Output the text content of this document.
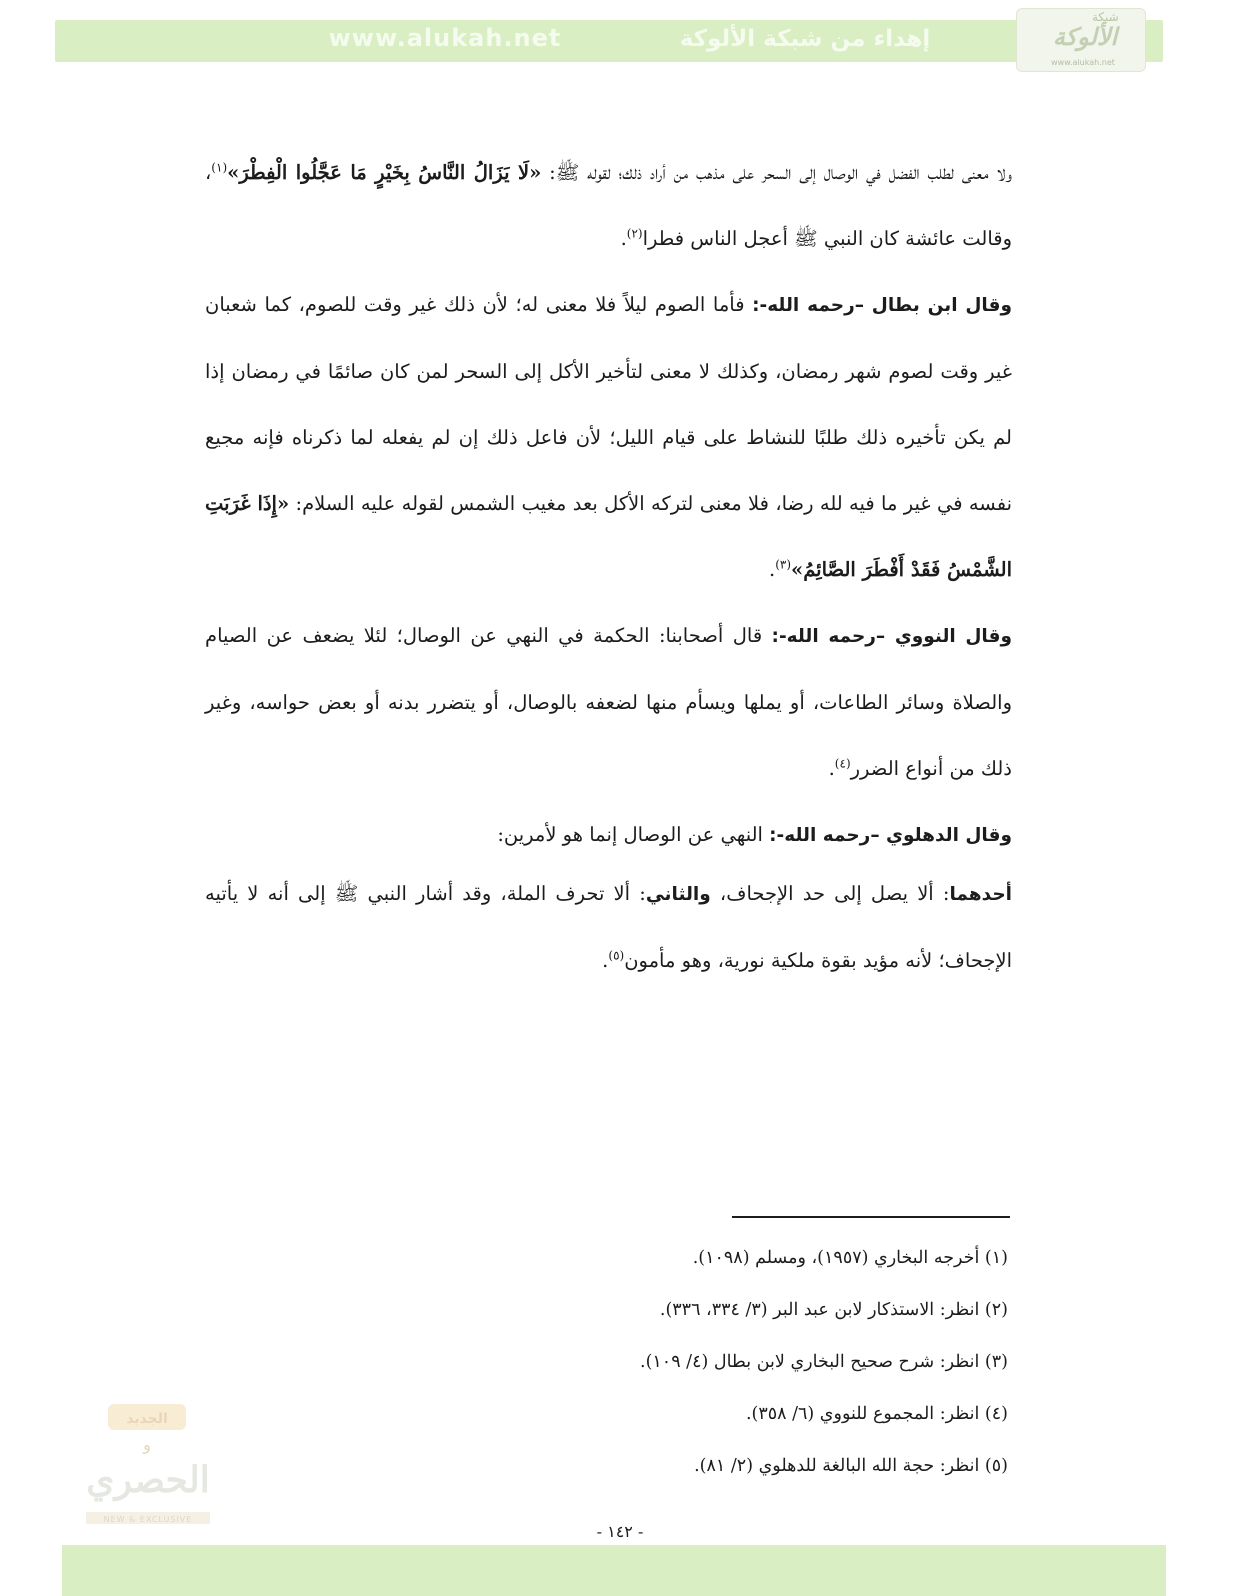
www.alukah.net	إهداء من شبكة الألوكة
شبكة
الألوكة
www.alukah.net

ولا معنى لطلب الفضل في الوصال إلى السحر على مذهب من أراد ذلك؛ لقوله ﷺ: «لَا يَزَالُ النَّاسُ بِخَيْرٍ مَا عَجَّلُوا الْفِطْرَ»$^{(١)}$، وقالت عائشة كان النبي ﷺ أعجل الناس فطرا$^{(٢)}$.

وقال ابن بطال –رحمه الله-: فأما الصوم ليلاً فلا معنى له؛ لأن ذلك غير وقت للصوم، كما شعبان غير وقت لصوم شهر رمضان، وكذلك لا معنى لتأخير الأكل إلى السحر لمن كان صائمًا في رمضان إذا لم يكن تأخيره ذلك طلبًا للنشاط على قيام الليل؛ لأن فاعل ذلك إن لم يفعله لما ذكرناه فإنه مجيع نفسه في غير ما فيه لله رضا، فلا معنى لتركه الأكل بعد مغيب الشمس لقوله عليه السلام: «إِذَا غَرَبَتِ الشَّمْسُ فَقَدْ أَفْطَرَ الصَّائِمُ»$^{(٣)}$.

وقال النووي –رحمه الله-: قال أصحابنا: الحكمة في النهي عن الوصال؛ لئلا يضعف عن الصيام والصلاة وسائر الطاعات، أو يملها ويسأم منها لضعفه بالوصال، أو يتضرر بدنه أو بعض حواسه، وغير ذلك من أنواع الضرر$^{(٤)}$.

وقال الدهلوي –رحمه الله-: النهي عن الوصال إنما هو لأمرين:

أحدهما: ألا يصل إلى حد الإجحاف، والثاني: ألا تحرف الملة، وقد أشار النبي ﷺ إلى أنه لا يأتيه الإجحاف؛ لأنه مؤيد بقوة ملكية نورية، وهو مأمون$^{(٥)}$.

(١) أخرجه البخاري (١٩٥٧)، ومسلم (١٠٩٨).
(٢) انظر: الاستذكار لابن عبد البر (٣/ ٣٣٤، ٣٣٦).
(٣) انظر: شرح صحيح البخاري لابن بطال (٤/ ١٠٩).
(٤) انظر: المجموع للنووي (٦/ ٣٥٨).
(٥) انظر: حجة الله البالغة للدهلوي (٢/ ٨١).
الجديد
و
الحصري
NEW & EXCLUSIVE
- ١٤٢ -
